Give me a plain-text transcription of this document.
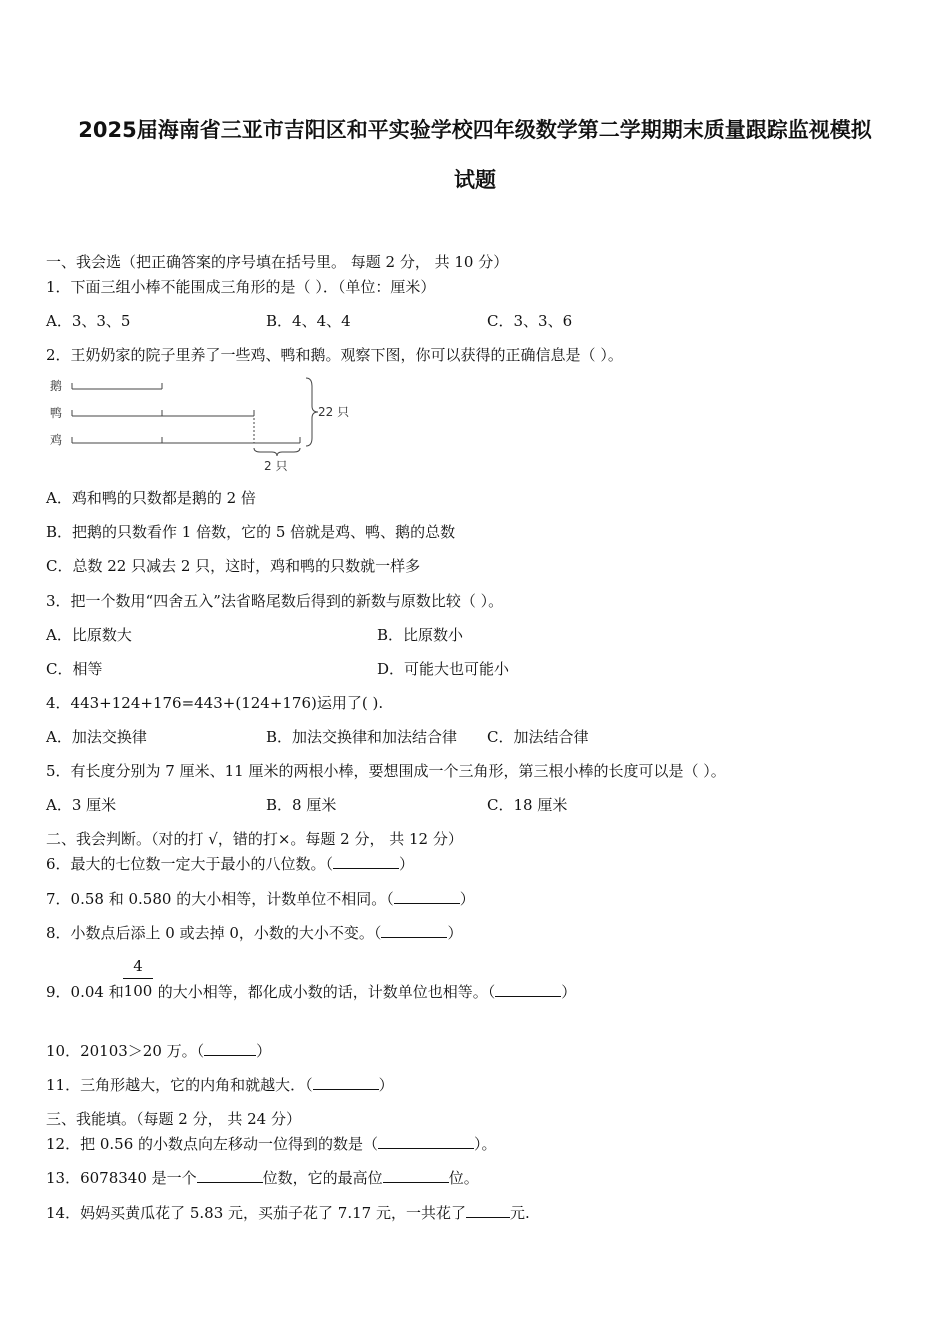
2025届海南省三亚市吉阳区和平实验学校四年级数学第二学期期末质量跟踪监视模拟
试题
一、我会选（把正确答案的序号填在括号里。 每题 2 分， 共 10 分）
1．下面三组小棒不能围成三角形的是（ ）．（单位：厘米）
A．3、3、5	B．4、4、4	C．3、3、6
2．王奶奶家的院子里养了一些鸡、鸭和鹅。观察下图，你可以获得的正确信息是（ ）。
鹅
鸭
鸡
22 只
2 只
A．鸡和鸭的只数都是鹅的 2 倍
B．把鹅的只数看作 1 倍数，它的 5 倍就是鸡、鸭、鹅的总数
C．总数 22 只减去 2 只，这时，鸡和鸭的只数就一样多
3．把一个数用“四舍五入”法省略尾数后得到的新数与原数比较（ ）。
A．比原数大	B．比原数小
C．相等	D．可能大也可能小
4．443+124+176=443+(124+176)运用了( ).
A．加法交换律	B．加法交换律和加法结合律 C．加法结合律
5．有长度分别为 7 厘米、11 厘米的两根小棒，要想围成一个三角形，第三根小棒的长度可以是（ ）。
A．3 厘米	B．8 厘米	C．18 厘米
二、我会判断。（对的打 √，错的打×。每题 2 分， 共 12 分）
6．最大的七位数一定大于最小的八位数。（	）
7．0.58 和 0.580 的大小相等，计数单位不相同。（	）
8．小数点后添上 0 或去掉 0，小数的大小不变。（	）
9．0.04 和 的大小相等，都化成小数的话，计数单位也相等。（	）
4
100
10．20103＞20 万。（	）
11．三角形越大，它的内角和就越大．（	）
三、我能填。（每题 2 分， 共 24 分）
12．把 0.56 的小数点向左移动一位得到的数是（	）。
13．6078340 是一个	位数，它的最高位	位。
14．妈妈买黄瓜花了 5.83 元，买茄子花了 7.17 元，一共花了	元.
